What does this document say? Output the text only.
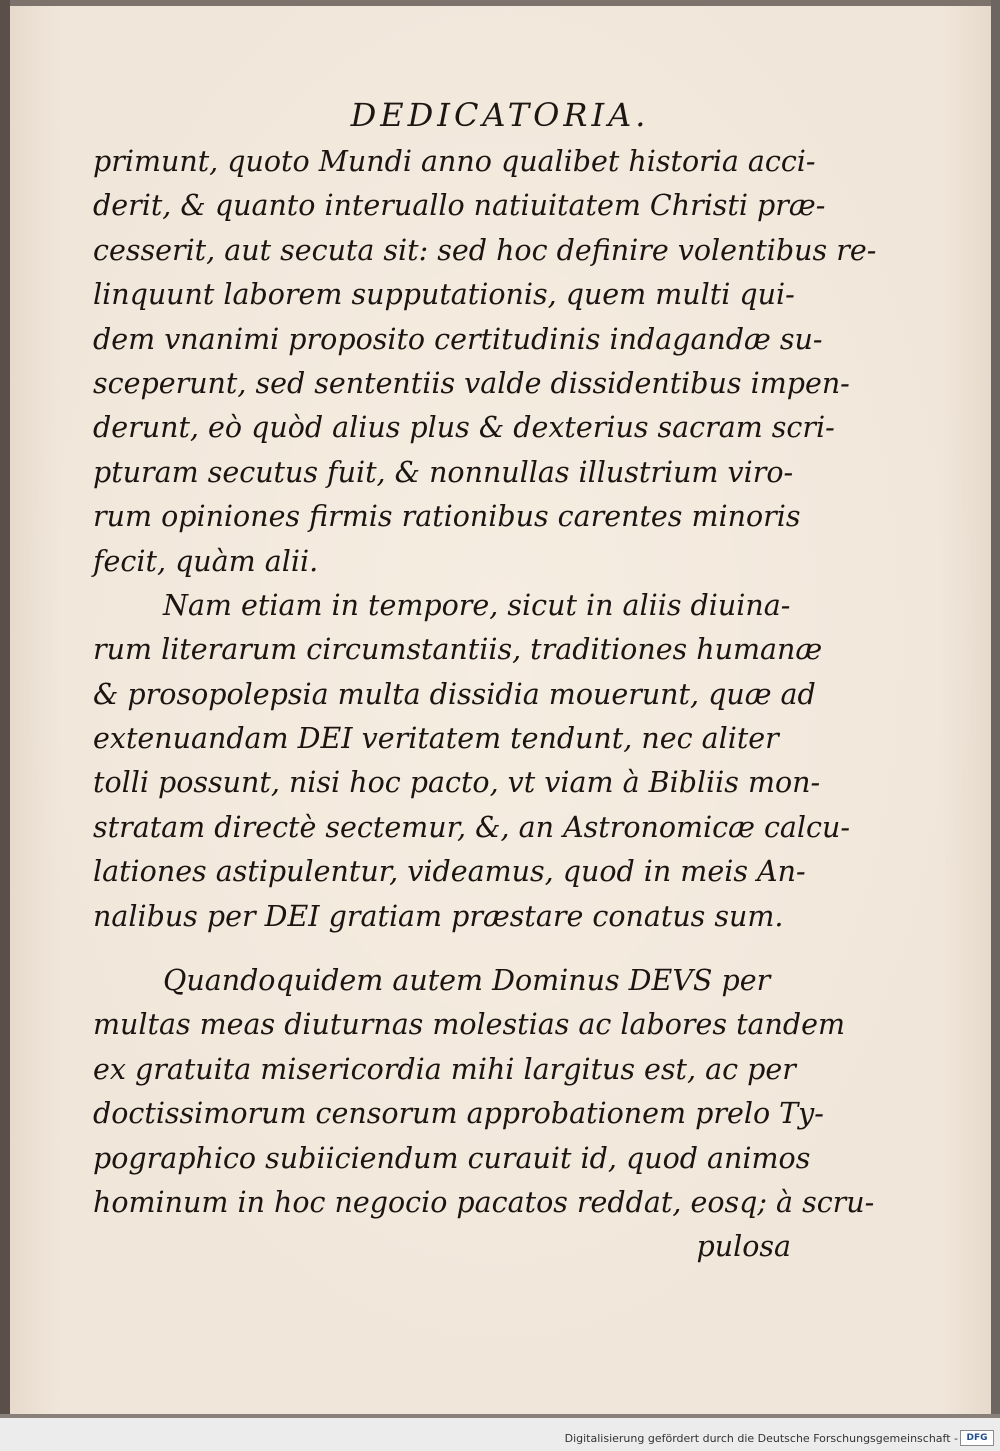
DEDICATORIA.
primunt, quoto Mundi anno qualibet historia acci-
derit, & quanto interuallo natiuitatem Christi præ-
cesserit, aut secuta sit: sed hoc definire volentibus re-
linquunt laborem supputationis, quem multi qui-
dem vnanimi proposito certitudinis indagandæ su-
sceperunt, sed sententiis valde dissidentibus impen-
derunt, eò quòd alius plus & dexterius sacram scri-
pturam secutus fuit, & nonnullas illustrium viro-
rum opiniones firmis rationibus carentes minoris
fecit, quàm alii.
Nam etiam in tempore, sicut in aliis diuina-
rum literarum circumstantiis, traditiones humanæ
& prosopolepsia multa dissidia mouerunt, quæ ad
extenuandam DEI veritatem tendunt, nec aliter
tolli possunt, nisi hoc pacto, vt viam à Bibliis mon-
stratam directè sectemur, &, an Astronomicæ calcu-
lationes astipulentur, videamus, quod in meis An-
nalibus per DEI gratiam præstare conatus sum.
Quandoquidem autem Dominus DEVS per
multas meas diuturnas molestias ac labores tandem
ex gratuita misericordia mihi largitus est, ac per
doctissimorum censorum approbationem prelo Ty-
pographico subiiciendum curauit id, quod animos
hominum in hoc negocio pacatos reddat, eosq; à scru-
pulosa
Digitalisierung gefördert durch die Deutsche Forschungsgemeinschaft - DFG
